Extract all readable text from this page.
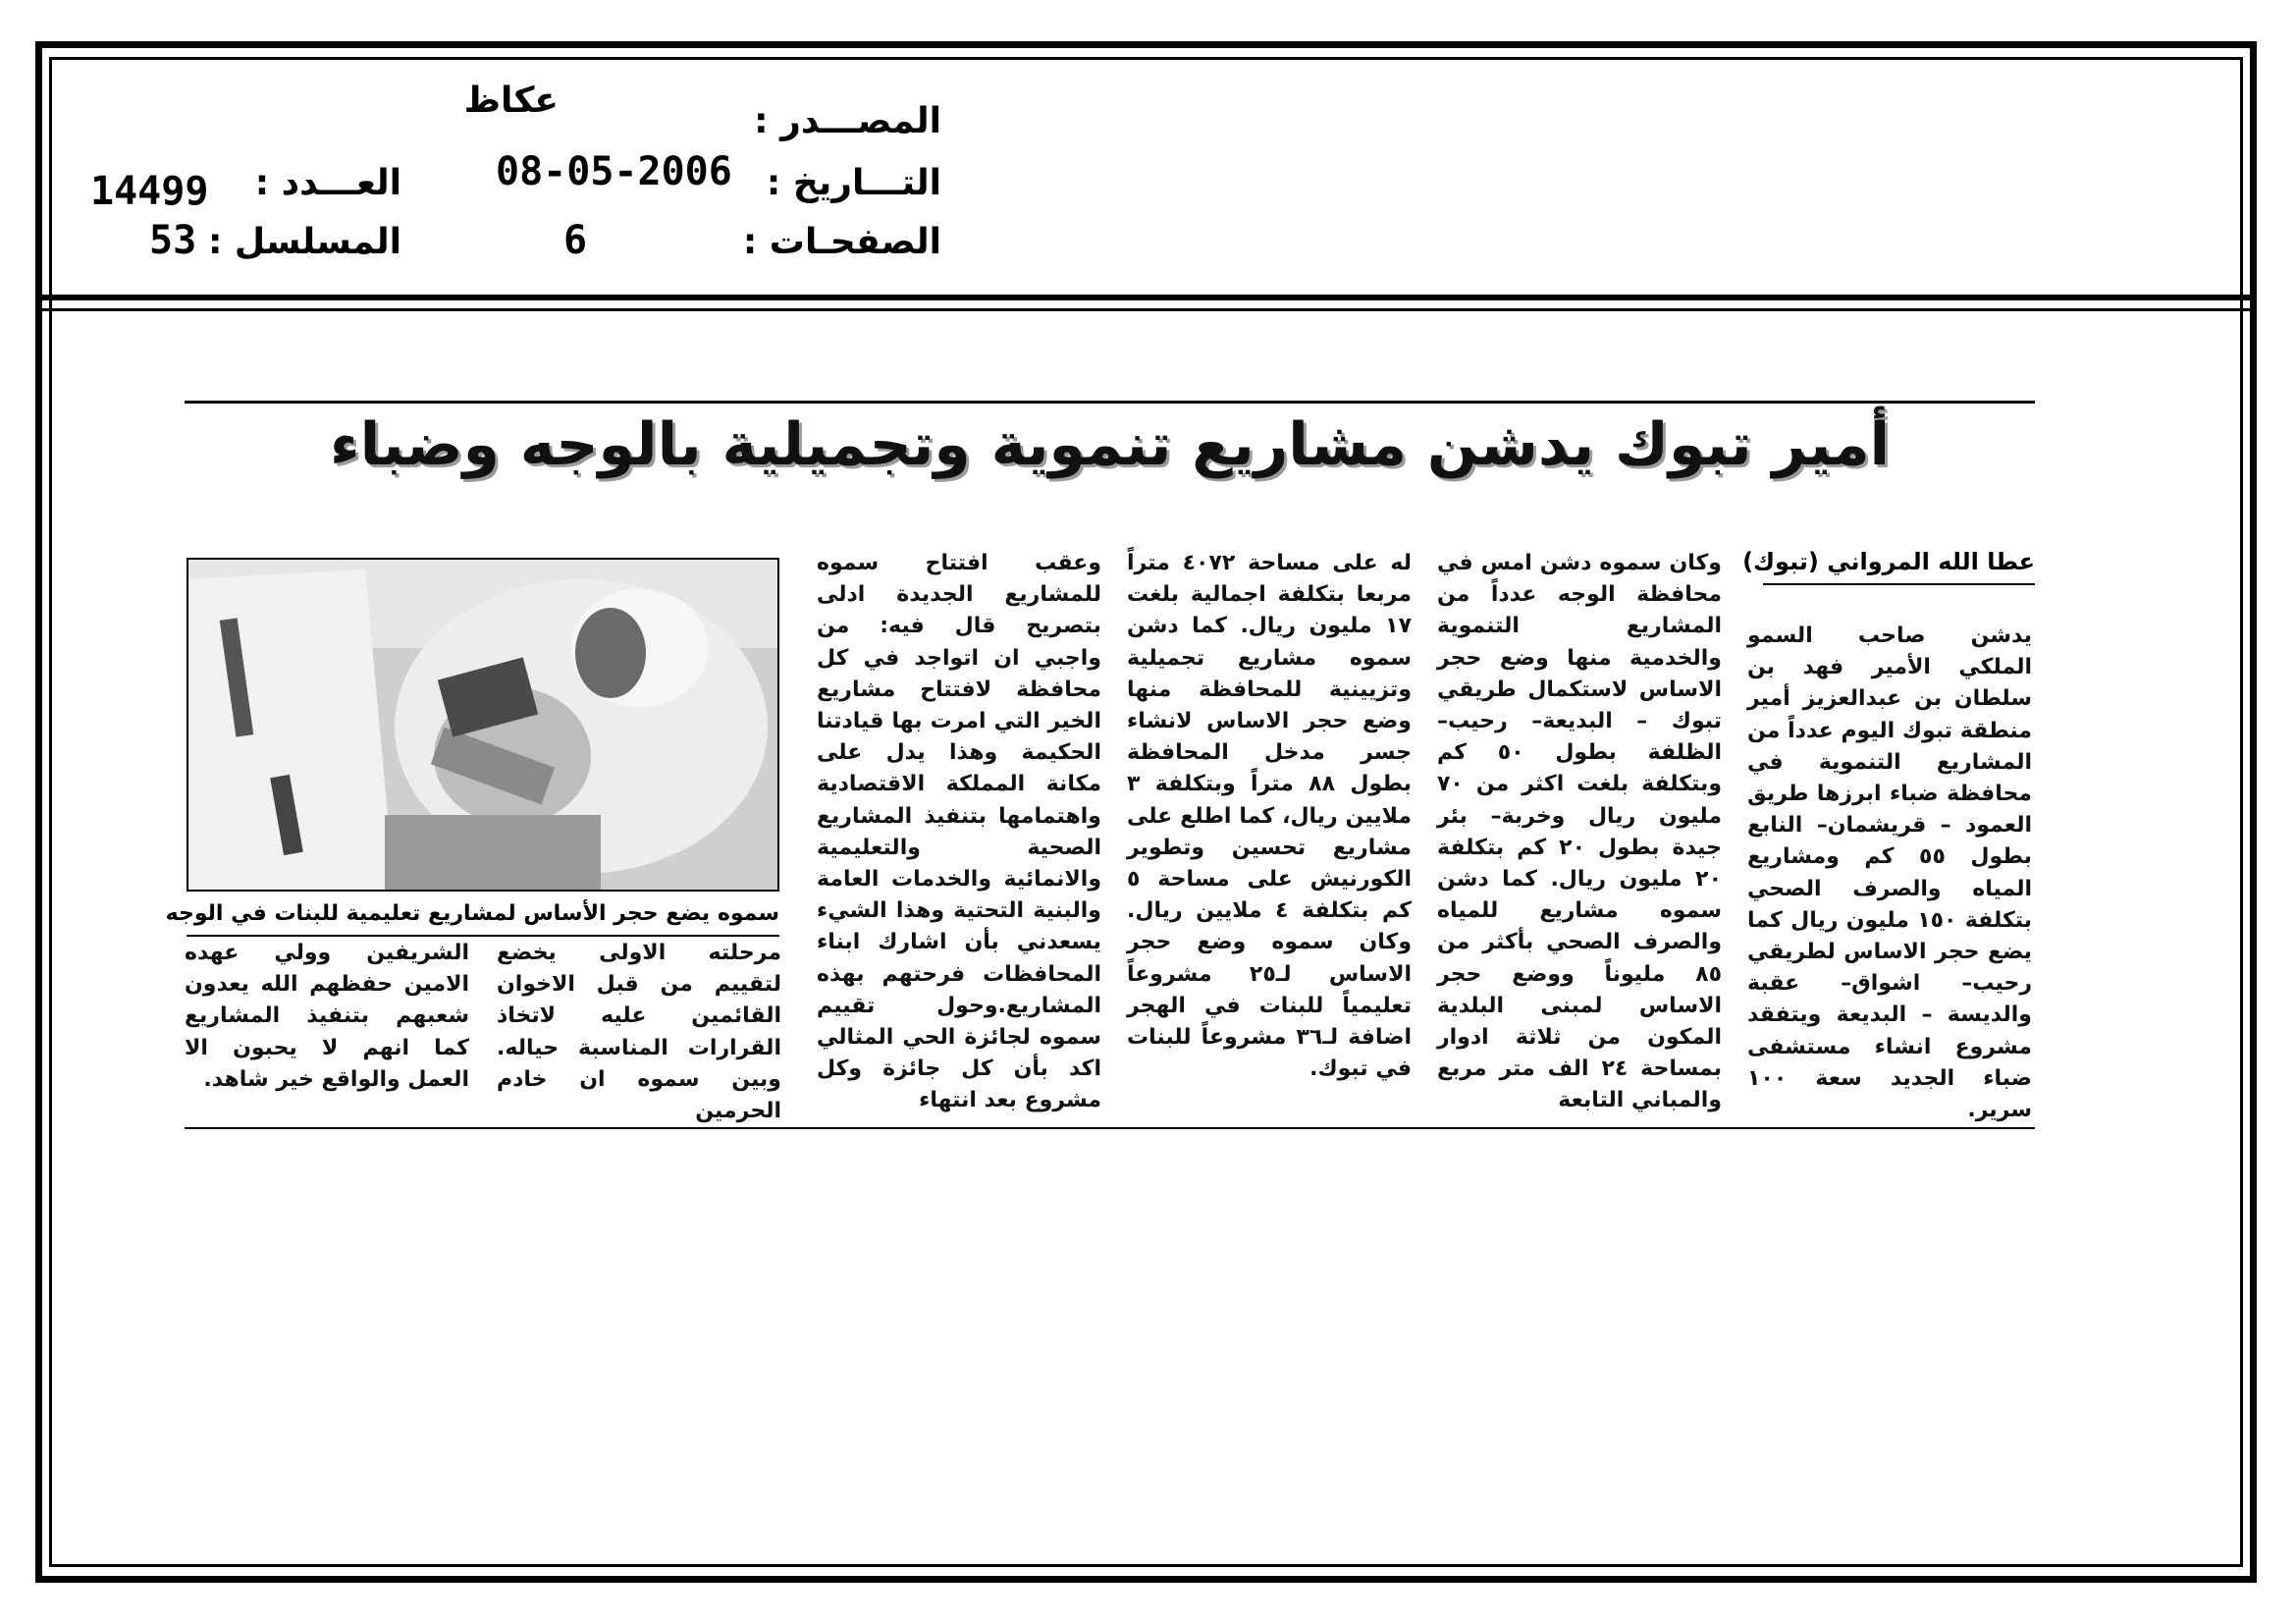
المصـــدر :
عكاظ
التـــاريخ :
08-05-2006
الصفحـات :
6
العـــدد :
14499
المسلسل :
53
أمير تبوك يدشن مشاريع تنموية وتجميلية بالوجه وضباء
عطا الله المرواني (تبوك)
يدشن صاحب السمو الملكي الأمير فهد بن سلطان بن عبدالعزيز أمير منطقة تبوك اليوم عدداً من المشاريع التنموية في محافظة ضباء ابرزها طريق العمود – قريشمان– النابع بطول ٥٥ كم ومشاريع المياه والصرف الصحي بتكلفة ١٥٠ مليون ريال كما يضع حجر الاساس لطريقي رحيب– اشواق– عقبة والديسة – البديعة ويتفقد مشروع انشاء مستشفى ضباء الجديد سعة ١٠٠ سرير.
وكان سموه دشن امس في محافظة الوجه عدداً من المشاريع التنموية والخدمية منها وضع حجر الاساس لاستكمال طريقي تبوك – البديعة– رحيب– الظلفة بطول ٥٠ كم وبتكلفة بلغت اكثر من ٧٠ مليون ريال وخربة– بئر جيدة بطول ٢٠ كم بتكلفة ٢٠ مليون ريال. كما دشن سموه مشاريع للمياه والصرف الصحي بأكثر من ٨٥ مليوناً ووضع حجر الاساس لمبنى البلدية المكون من ثلاثة ادوار بمساحة ٢٤ الف متر مربع والمباني التابعة
له على مساحة ٤٠٧٢ متراً مربعا بتكلفة اجمالية بلغت ١٧ مليون ريال. كما دشن سموه مشاريع تجميلية وتزيينية للمحافظة منها وضع حجر الاساس لانشاء جسر مدخل المحافظة بطول ٨٨ متراً وبتكلفة ٣ ملايين ريال، كما اطلع على مشاريع تحسين وتطوير الكورنيش على مساحة ٥ كم بتكلفة ٤ ملايين ريال. وكان سموه وضع حجر الاساس لـ٢٥ مشروعاً تعليمياً للبنات في الهجر اضافة لـ٣٦ مشروعاً للبنات في تبوك.
وعقب افتتاح سموه للمشاريع الجديدة ادلى بتصريح قال فيه: من واجبي ان اتواجد في كل محافظة لافتتاح مشاريع الخير التي امرت بها قيادتنا الحكيمة وهذا يدل على مكانة المملكة الاقتصادية واهتمامها بتنفيذ المشاريع الصحية والتعليمية والانمائية والخدمات العامة والبنية التحتية وهذا الشيء يسعدني بأن اشارك ابناء المحافظات فرحتهم بهذه المشاريع.وحول تقييم سموه لجائزة الحي المثالي اكد بأن كل جائزة وكل مشروع بعد انتهاء
مرحلته الاولى يخضع لتقييم من قبل الاخوان القائمين عليه لاتخاذ القرارات المناسبة حياله. وبين سموه ان خادم الحرمين
الشريفين وولي عهده الامين حفظهم الله يعدون شعبهم بتنفيذ المشاريع كما انهم لا يحبون الا العمل والواقع خير شاهد.
سموه يضع حجر الأساس لمشاريع تعليمية للبنات في الوجه
